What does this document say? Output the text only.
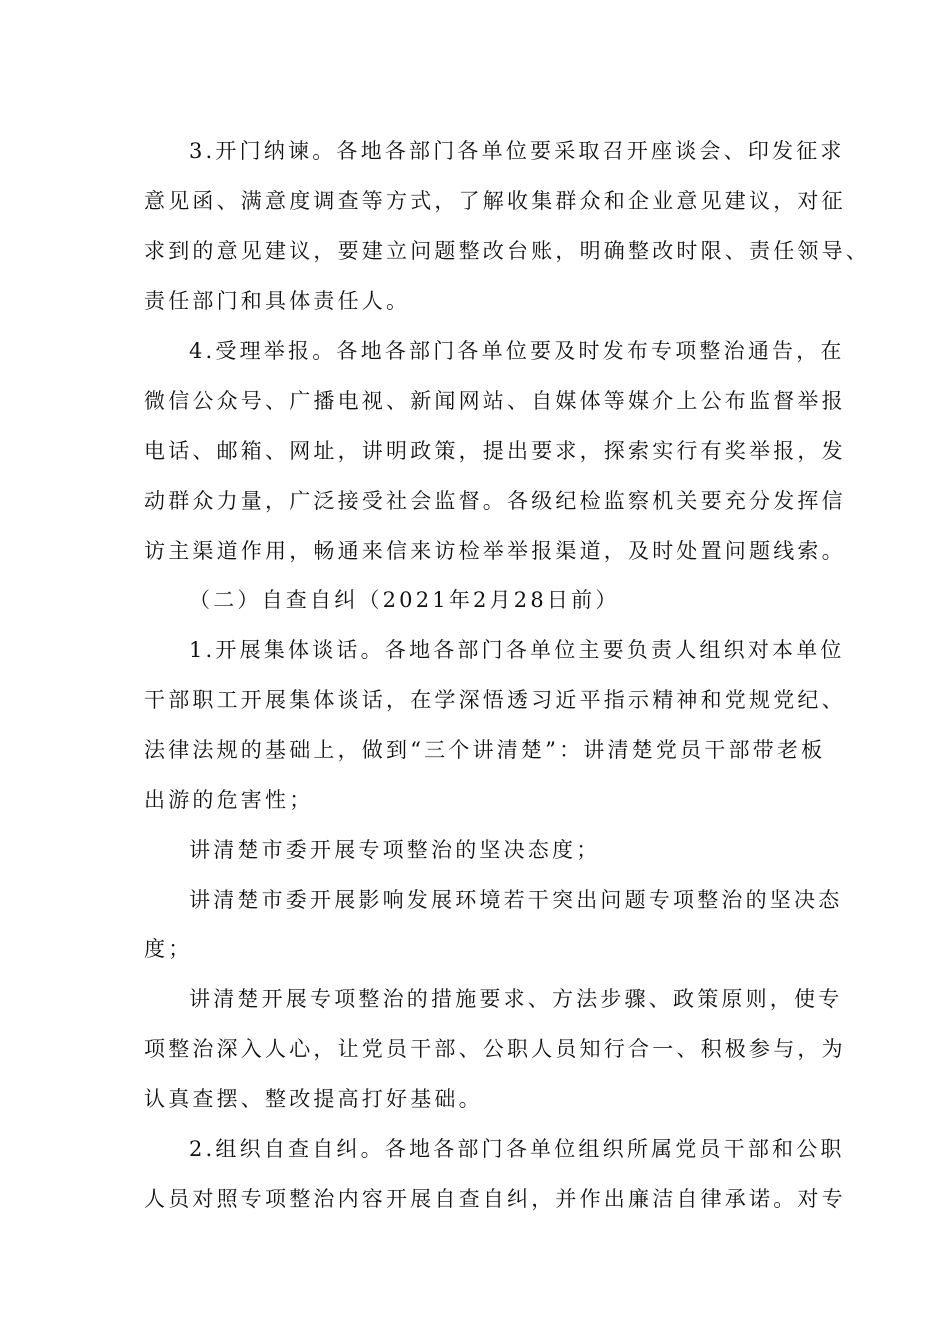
3.开门纳谏。各地各部门各单位要采取召开座谈会、印发征求
意见函、满意度调查等方式，了解收集群众和企业意见建议，对征
求到的意见建议，要建立问题整改台账，明确整改时限、责任领导、
责任部门和具体责任人。
4.受理举报。各地各部门各单位要及时发布专项整治通告，在
微信公众号、广播电视、新闻网站、自媒体等媒介上公布监督举报
电话、邮箱、网址，讲明政策，提出要求，探索实行有奖举报，发
动群众力量，广泛接受社会监督。各级纪检监察机关要充分发挥信
访主渠道作用，畅通来信来访检举举报渠道，及时处置问题线索。
（二）自查自纠（2021年2月28日前）
1.开展集体谈话。各地各部门各单位主要负责人组织对本单位
干部职工开展集体谈话，在学深悟透习近平指示精神和党规党纪、
法律法规的基础上，做到“三个讲清楚”：讲清楚党员干部带老板
出游的危害性；
讲清楚市委开展专项整治的坚决态度；
讲清楚市委开展影响发展环境若干突出问题专项整治的坚决态
度；
讲清楚开展专项整治的措施要求、方法步骤、政策原则，使专
项整治深入人心，让党员干部、公职人员知行合一、积极参与，为
认真查摆、整改提高打好基础。
2.组织自查自纠。各地各部门各单位组织所属党员干部和公职
人员对照专项整治内容开展自查自纠，并作出廉洁自律承诺。对专
